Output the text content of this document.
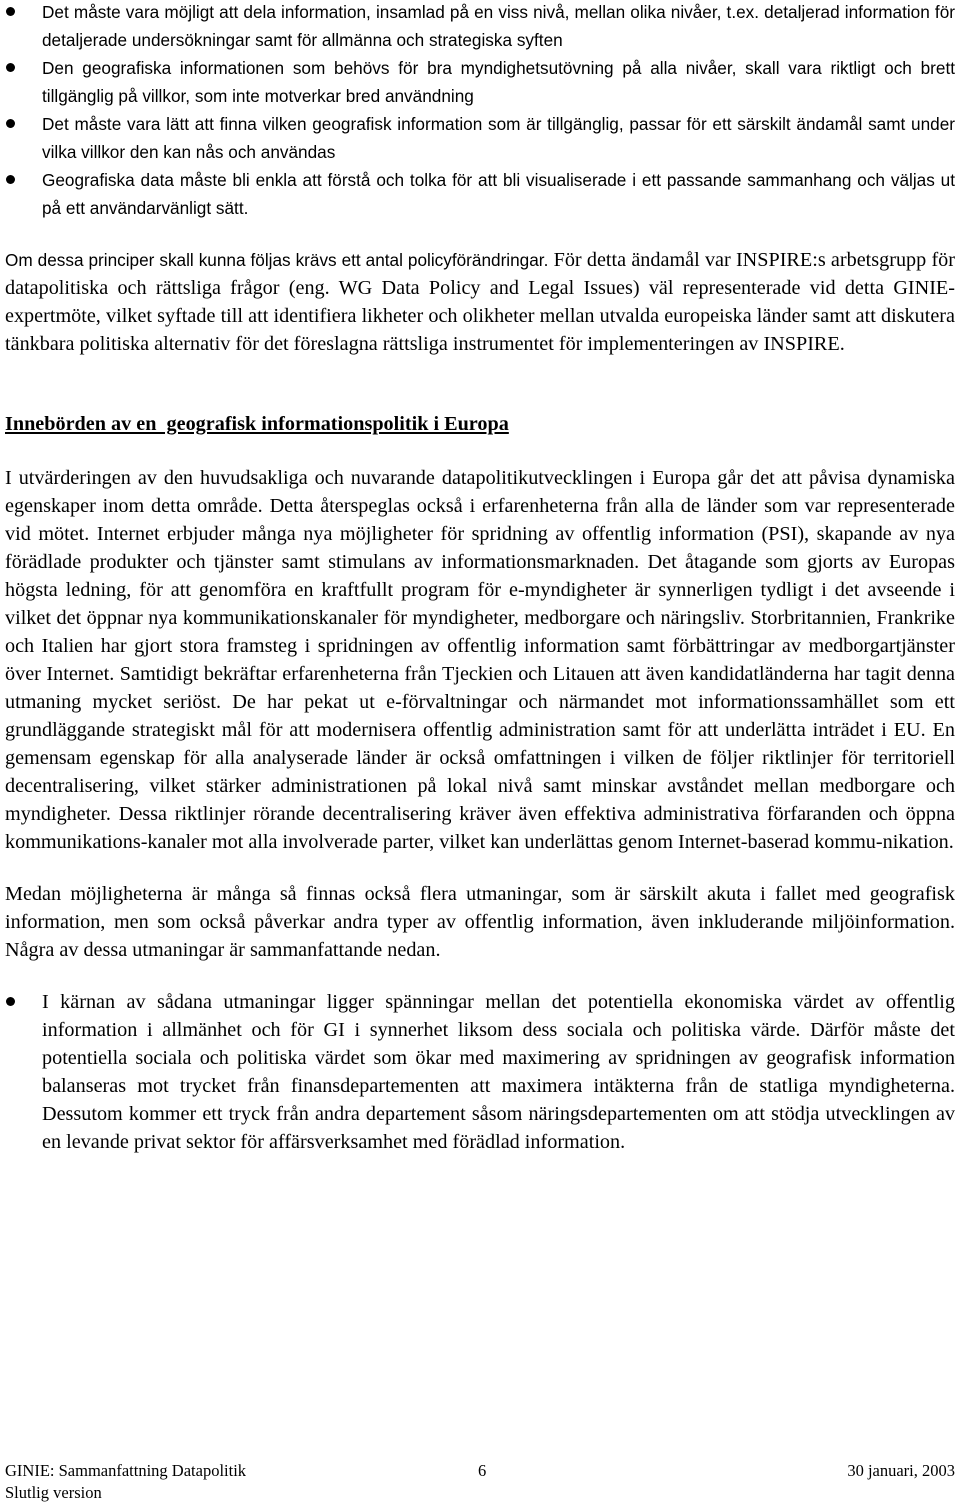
Det måste vara möjligt att dela information, insamlad på en viss nivå, mellan olika nivåer, t.ex. detaljerad information för detaljerade undersökningar samt för allmänna och strategiska syften
Den geografiska informationen som behövs för bra myndighetsutövning på alla nivåer, skall vara riktligt och brett tillgänglig på villkor, som inte motverkar bred användning
Det måste vara lätt att finna vilken geografisk information som är tillgänglig, passar för ett särskilt ändamål samt under vilka villkor den kan nås och användas
Geografiska data måste bli enkla att förstå och tolka för att bli visualiserade i ett passande sammanhang och väljas ut på ett användarvänligt sätt.

Om dessa principer skall kunna följas krävs ett antal policyförändringar. För detta ändamål var INSPIRE:s arbetsgrupp för datapolitiska och rättsliga frågor (eng. WG Data Policy and Legal Issues) väl representerade vid detta GINIE-expertmöte, vilket syftade till att identifiera likheter och olikheter mellan utvalda europeiska länder samt att diskutera tänkbara politiska alternativ för det föreslagna rättsliga instrumentet för implementeringen av INSPIRE.

Innebörden av en  geografisk informationspolitik i Europa

I utvärderingen av den huvudsakliga och nuvarande datapolitikutvecklingen i Europa går det att påvisa dynamiska egenskaper inom detta område. Detta återspeglas också i erfarenheterna från alla de länder som var representerade vid mötet. Internet erbjuder många nya möjligheter för spridning av offentlig information (PSI), skapande av nya förädlade produkter och tjänster samt stimulans av informationsmarknaden. Det åtagande som gjorts av Europas högsta ledning, för att genomföra en kraftfullt program för e-myndigheter är synnerligen tydligt i det avseende i vilket det öppnar nya kommunikationskanaler för myndigheter, medborgare och näringsliv. Storbritannien, Frankrike och Italien har gjort stora framsteg i spridningen av offentlig information samt förbättringar av medborgartjänster över Internet. Samtidigt bekräftar erfarenheterna från Tjeckien och Litauen att även kandidatländerna har tagit denna utmaning mycket seriöst. De har pekat ut e-förvaltningar och närmandet mot informationssamhället som ett grundläggande strategiskt mål för att modernisera offentlig administration samt för att underlätta inträdet i EU. En gemensam egenskap för alla analyserade länder är också omfattningen i vilken de följer riktlinjer för territoriell decentralisering, vilket stärker administrationen på lokal nivå samt minskar avståndet mellan medborgare och myndigheter. Dessa riktlinjer rörande decentralisering kräver även effektiva administrativa förfaranden och öppna kommunikations-kanaler mot alla involverade parter, vilket kan underlättas genom Internet-baserad kommu-nikation.

Medan möjligheterna är många så finnas också flera utmaningar, som är särskilt akuta i fallet med geografisk information, men som också påverkar andra typer av offentlig information, även inkluderande miljöinformation. Några av dessa utmaningar är sammanfattande nedan.

I kärnan av sådana utmaningar ligger spänningar mellan det potentiella ekonomiska värdet av offentlig information i allmänhet och för GI i synnerhet liksom dess sociala och politiska värde. Därför måste det potentiella sociala och politiska värdet som ökar med maximering av spridningen av geografisk information balanseras mot trycket från finansdepartementen att maximera intäkterna från de statliga myndigheterna. Dessutom kommer ett tryck från andra departement såsom näringsdepartementen om att stödja utvecklingen av en levande privat sektor för affärsverksamhet med förädlad information.
GINIE: Sammanfattning Datapolitik	6	30 januari, 2003
Slutlig version
